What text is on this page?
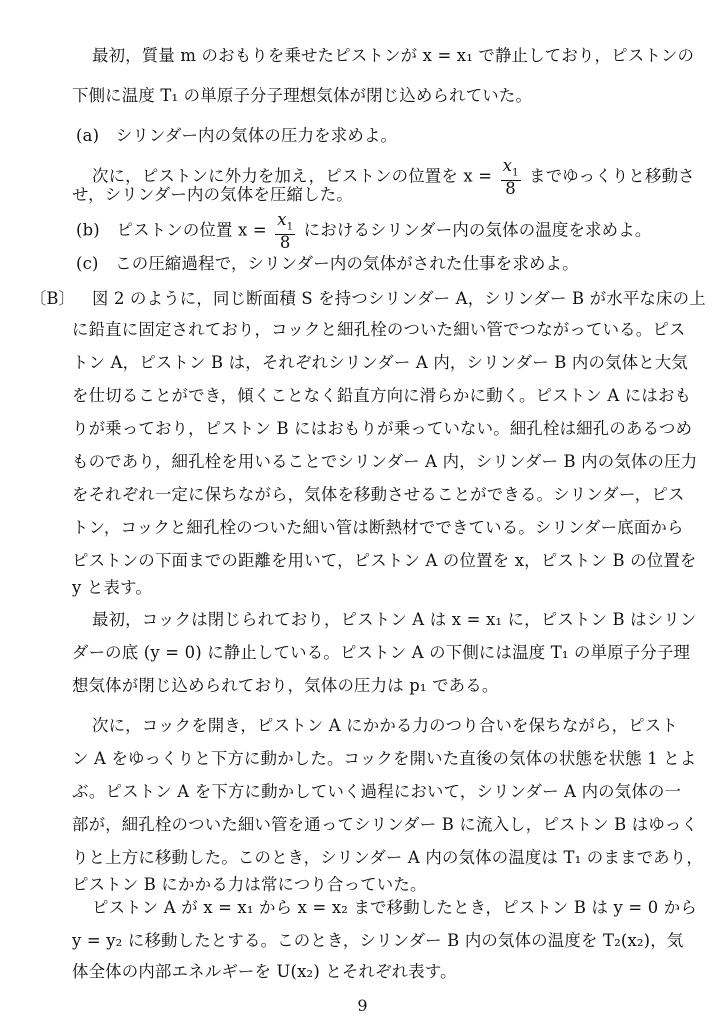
最初，質量 m のおもりを乗せたピストンが x = x₁ で静止しており，ピストンの
下側に温度 T₁ の単原子分子理想気体が閉じ込められていた。
(a)　シリンダー内の気体の圧力を求めよ。
次に，ピストンに外力を加え，ピストンの位置を $x = \frac{x_1}{8}$ までゆっくりと移動さ
せ，シリンダー内の気体を圧縮した。
(b)　ピストンの位置 $x = \frac{x_1}{8}$ におけるシリンダー内の気体の温度を求めよ。
(c)　この圧縮過程で，シリンダー内の気体がされた仕事を求めよ。
〔B〕 図 2 のように，同じ断面積 S を持つシリンダー A，シリンダー B が水平な床の上
に鉛直に固定されており，コックと細孔栓のついた細い管でつながっている。ピス
トン A，ピストン B は，それぞれシリンダー A 内，シリンダー B 内の気体と大気
を仕切ることができ，傾くことなく鉛直方向に滑らかに動く。ピストン A にはおも
りが乗っており，ピストン B にはおもりが乗っていない。細孔栓は細孔のあるつめ
ものであり，細孔栓を用いることでシリンダー A 内，シリンダー B 内の気体の圧力
をそれぞれ一定に保ちながら，気体を移動させることができる。シリンダー，ピス
トン，コックと細孔栓のついた細い管は断熱材でできている。シリンダー底面から
ピストンの下面までの距離を用いて，ピストン A の位置を x，ピストン B の位置を
y と表す。
最初，コックは閉じられており，ピストン A は x = x₁ に，ピストン B はシリン
ダーの底 (y = 0) に静止している。ピストン A の下側には温度 T₁ の単原子分子理
想気体が閉じ込められており，気体の圧力は p₁ である。
次に，コックを開き，ピストン A にかかる力のつり合いを保ちながら，ピスト
ン A をゆっくりと下方に動かした。コックを開いた直後の気体の状態を状態 1 とよ
ぶ。ピストン A を下方に動かしていく過程において，シリンダー A 内の気体の一
部が，細孔栓のついた細い管を通ってシリンダー B に流入し，ピストン B はゆっく
りと上方に移動した。このとき，シリンダー A 内の気体の温度は T₁ のままであり，
ピストン B にかかる力は常につり合っていた。
9
ピストン A が x = x₁ から x = x₂ まで移動したとき，ピストン B は y = 0 から
y = y₂ に移動したとする。このとき，シリンダー B 内の気体の温度を T₂(x₂)，気
体全体の内部エネルギーを U(x₂) とそれぞれ表す。
